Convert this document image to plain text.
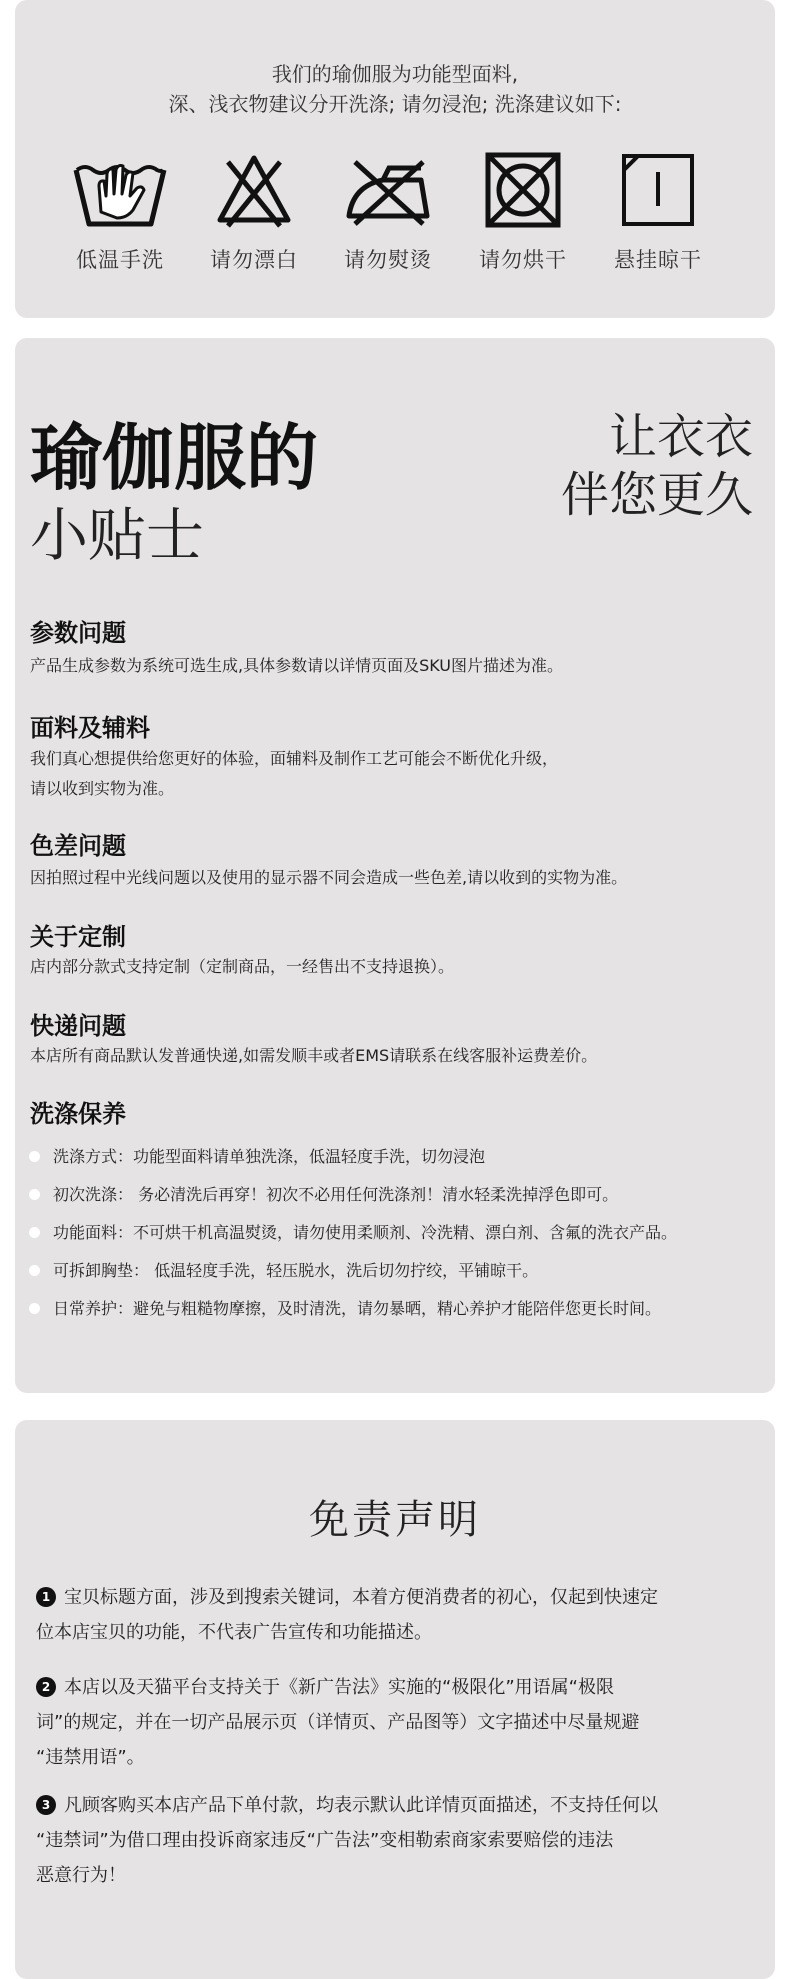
我们的瑜伽服为功能型面料,
深、浅衣物建议分开洗涤; 请勿浸泡; 洗涤建议如下:
低温手洗	请勿漂白	请勿熨烫	请勿烘干	悬挂晾干
瑜伽服的
小贴士
让衣衣
伴您更久
参数问题
产品生成参数为系统可选生成,具体参数请以详情页面及SKU图片描述为准。
面料及辅料
我们真心想提供给您更好的体验，面辅料及制作工艺可能会不断优化升级，
请以收到实物为准。
色差问题
因拍照过程中光线问题以及使用的显示器不同会造成一些色差,请以收到的实物为准。
关于定制
店内部分款式支持定制（定制商品，一经售出不支持退换）。
快递问题
本店所有商品默认发普通快递,如需发顺丰或者EMS请联系在线客服补运费差价。
洗涤保养
洗涤方式：功能型面料请单独洗涤，低温轻度手洗，切勿浸泡
初次洗涤： 务必清洗后再穿！初次不必用任何洗涤剂！清水轻柔洗掉浮色即可。
功能面料：不可烘干机高温熨烫，请勿使用柔顺剂、冷洗精、漂白剂、含氟的洗衣产品。
可拆卸胸垫： 低温轻度手洗，轻压脱水，洗后切勿拧绞，平铺晾干。
日常养护：避免与粗糙物摩擦，及时清洗，请勿暴晒，精心养护才能陪伴您更长时间。
免责声明
1 宝贝标题方面，涉及到搜索关键词，本着方便消费者的初心，仅起到快速定
位本店宝贝的功能，不代表广告宣传和功能描述。
2 本店以及天猫平台支持关于《新广告法》实施的“极限化”用语属“极限
词”的规定，并在一切产品展示页（详情页、产品图等）文字描述中尽量规避
“违禁用语”。
3 凡顾客购买本店产品下单付款，均表示默认此详情页面描述，不支持任何以
“违禁词”为借口理由投诉商家违反“广告法”变相勒索商家索要赔偿的违法
恶意行为！
